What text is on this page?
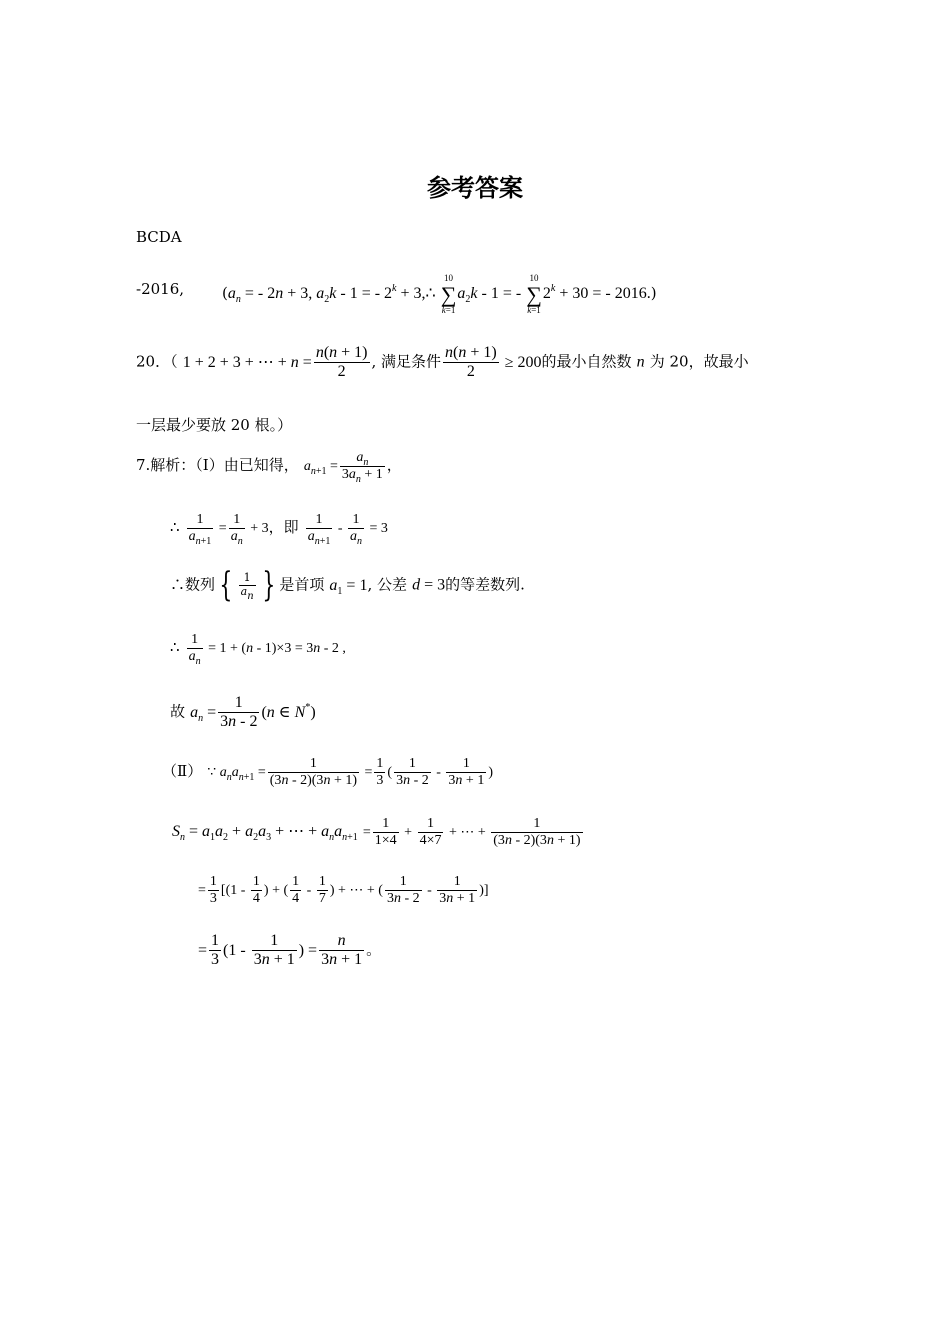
参考答案
BCDA
-2016,	($a_n$ = - 2n + 3, $a_2k - 1$ = - $2^k$ + 3,∴
10
∑
k=1
$a_2k - 1$ = -
10
∑
k=1
$2^k + 30$ = - 2016.)
20．（ 1 + 2 + 3 + ⋯ + $n = \frac{n(n + 1)}{2}$ , 满足条件 $\frac{n(n + 1)}{2} \ge 200$的最小自然数 n 为 20，故最小
一层最少要放 20 根。）
7.解析：（Ⅰ）由已知得， $a_{n+1} = \frac{a_n}{3a_n + 1}$ ，
∴ $\frac{1}{a_{n+1}} = \frac{1}{a_n} + 3$，即 $\frac{1}{a_{n+1}} - \frac{1}{a_n} = 3$
∴数列 { $\frac{1}{a_n}$ } 是首项 $a_1 = 1$, 公差 d = 3的等差数列.
∴ $\frac{1}{a_n} = 1 + (n - 1)\times 3 = 3n - 2$ ,
故 $a_n = \frac{1}{3n - 2} (n$ ∈ N*)
（Ⅱ） ∵ $a_na_{n+1} = \frac{1}{(3n - 2)(3n + 1)} = \frac{1}{3}$ ( $\frac{1}{3n - 2} - \frac{1}{3n + 1}$ )
$S_n = a_1a_2 + a_2a_3$ + ⋯ + $a_na_{n+1} = \frac{1}{1\times 4} + \frac{1}{4\times 7}$ + ⋯ + $\frac{1}{(3n - 2)(3n + 1)}$
= $\frac{1}{3} [(1 - \frac{1}{4}$ ) + ( $\frac{1}{4} - \frac{1}{7}$ ) + ⋯ + ( $\frac{1}{3n - 2} - \frac{1}{3n + 1}$ )]
= $\frac{1}{3} (1 - \frac{1}{3n + 1}$ ) = $\frac{n}{3n + 1}$ 。
